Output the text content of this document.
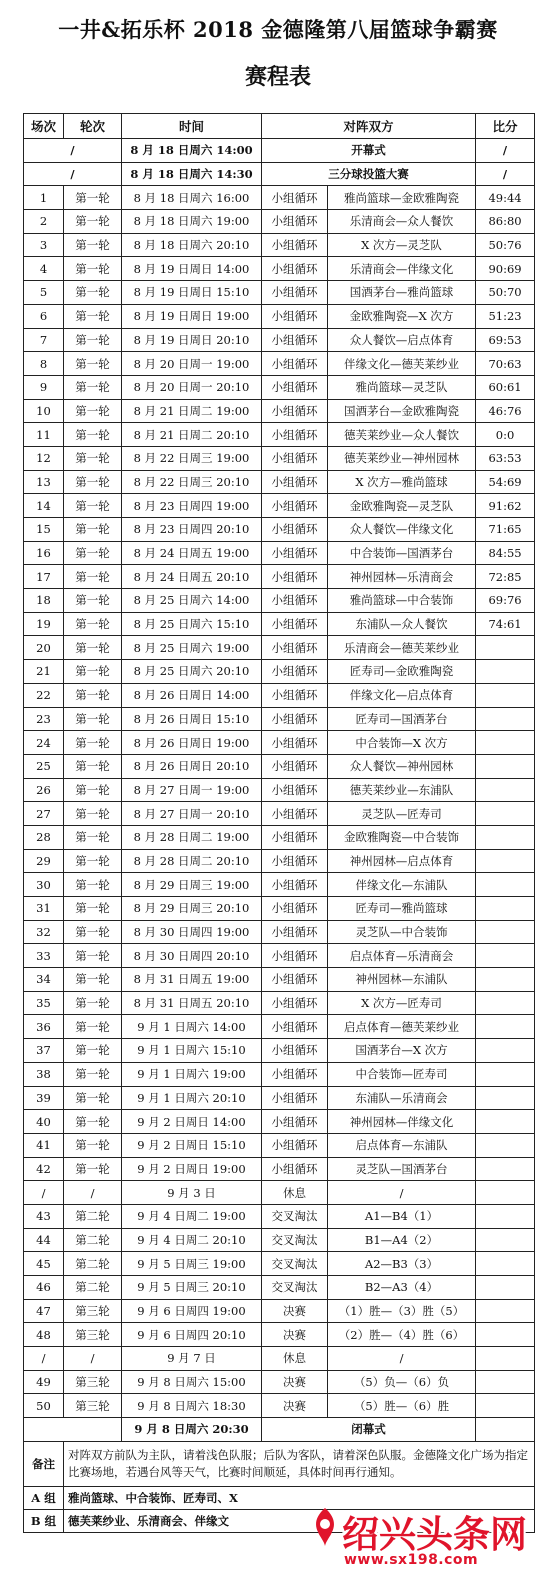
一井&拓乐杯 2018 金德隆第八届篮球争霸赛
赛程表
场次	轮次	时间	对阵双方		比分
/		8 月 18 日周六 14:00	开幕式		/
/		8 月 18 日周六 14:30	三分球投篮大赛		/
1	第一轮	8 月 18 日周六 16:00	小组循环	雅尚篮球—金欧雅陶瓷	49:44
2	第一轮	8 月 18 日周六 19:00	小组循环	乐清商会—众人餐饮	86:80
3	第一轮	8 月 18 日周六 20:10	小组循环	X 次方—灵芝队	50:76
4	第一轮	8 月 19 日周日 14:00	小组循环	乐清商会—伴缘文化	90:69
5	第一轮	8 月 19 日周日 15:10	小组循环	国酒茅台—雅尚篮球	50:70
6	第一轮	8 月 19 日周日 19:00	小组循环	金欧雅陶瓷—X 次方	51:23
7	第一轮	8 月 19 日周日 20:10	小组循环	众人餐饮—启点体育	69:53
8	第一轮	8 月 20 日周一 19:00	小组循环	伴缘文化—德芙莱纱业	70:63
9	第一轮	8 月 20 日周一 20:10	小组循环	雅尚篮球—灵芝队	60:61
10	第一轮	8 月 21 日周二 19:00	小组循环	国酒茅台—金欧雅陶瓷	46:76
11	第一轮	8 月 21 日周二 20:10	小组循环	德芙莱纱业—众人餐饮	0:0
12	第一轮	8 月 22 日周三 19:00	小组循环	德芙莱纱业—神州园林	63:53
13	第一轮	8 月 22 日周三 20:10	小组循环	X 次方—雅尚篮球	54:69
14	第一轮	8 月 23 日周四 19:00	小组循环	金欧雅陶瓷—灵芝队	91:62
15	第一轮	8 月 23 日周四 20:10	小组循环	众人餐饮—伴缘文化	71:65
16	第一轮	8 月 24 日周五 19:00	小组循环	中合装饰—国酒茅台	84:55
17	第一轮	8 月 24 日周五 20:10	小组循环	神州园林—乐清商会	72:85
18	第一轮	8 月 25 日周六 14:00	小组循环	雅尚篮球—中合装饰	69:76
19	第一轮	8 月 25 日周六 15:10	小组循环	东浦队—众人餐饮	74:61
20	第一轮	8 月 25 日周六 19:00	小组循环	乐清商会—德芙莱纱业	
21	第一轮	8 月 25 日周六 20:10	小组循环	匠寿司—金欧雅陶瓷	
22	第一轮	8 月 26 日周日 14:00	小组循环	伴缘文化—启点体育	
23	第一轮	8 月 26 日周日 15:10	小组循环	匠寿司—国酒茅台	
24	第一轮	8 月 26 日周日 19:00	小组循环	中合装饰—X 次方	
25	第一轮	8 月 26 日周日 20:10	小组循环	众人餐饮—神州园林	
26	第一轮	8 月 27 日周一 19:00	小组循环	德芙莱纱业—东浦队	
27	第一轮	8 月 27 日周一 20:10	小组循环	灵芝队—匠寿司	
28	第一轮	8 月 28 日周二 19:00	小组循环	金欧雅陶瓷—中合装饰	
29	第一轮	8 月 28 日周二 20:10	小组循环	神州园林—启点体育	
30	第一轮	8 月 29 日周三 19:00	小组循环	伴缘文化—东浦队	
31	第一轮	8 月 29 日周三 20:10	小组循环	匠寿司—雅尚篮球	
32	第一轮	8 月 30 日周四 19:00	小组循环	灵芝队—中合装饰	
33	第一轮	8 月 30 日周四 20:10	小组循环	启点体育—乐清商会	
34	第一轮	8 月 31 日周五 19:00	小组循环	神州园林—东浦队	
35	第一轮	8 月 31 日周五 20:10	小组循环	X 次方—匠寿司	
36	第一轮	9 月 1 日周六 14:00	小组循环	启点体育—德芙莱纱业	
37	第一轮	9 月 1 日周六 15:10	小组循环	国酒茅台—X 次方	
38	第一轮	9 月 1 日周六 19:00	小组循环	中合装饰—匠寿司	
39	第一轮	9 月 1 日周六 20:10	小组循环	东浦队—乐清商会	
40	第一轮	9 月 2 日周日 14:00	小组循环	神州园林—伴缘文化	
41	第一轮	9 月 2 日周日 15:10	小组循环	启点体育—东浦队	
42	第一轮	9 月 2 日周日 19:00	小组循环	灵芝队—国酒茅台	
/	/	9 月 3 日	休息	/	
43	第二轮	9 月 4 日周二 19:00	交叉淘汰	A1—B4（1）	
44	第二轮	9 月 4 日周二 20:10	交叉淘汰	B1—A4（2）	
45	第二轮	9 月 5 日周三 19:00	交叉淘汰	A2—B3（3）	
46	第二轮	9 月 5 日周三 20:10	交叉淘汰	B2—A3（4）	
47	第三轮	9 月 6 日周四 19:00	决赛	（1）胜—（3）胜（5）	
48	第三轮	9 月 6 日周四 20:10	决赛	（2）胜—（4）胜（6）	
/	/	9 月 7 日	休息	/	
49	第三轮	9 月 8 日周六 15:00	决赛	（5）负—（6）负	
50	第三轮	9 月 8 日周六 18:30	决赛	（5）胜—（6）胜	
		9 月 8 日周六 20:30	闭幕式		
备注	对阵双方前队为主队，请着浅色队服；后队为客队，请着深色队服。金德隆文化广场为指定比赛场地，若遇台风等天气，比赛时间顺延，具体时间再行通知。				
A 组	雅尚篮球、中合装饰、匠寿司、X				
B 组	德芙莱纱业、乐清商会、伴缘文					绍兴头条网
www.sx198.com
